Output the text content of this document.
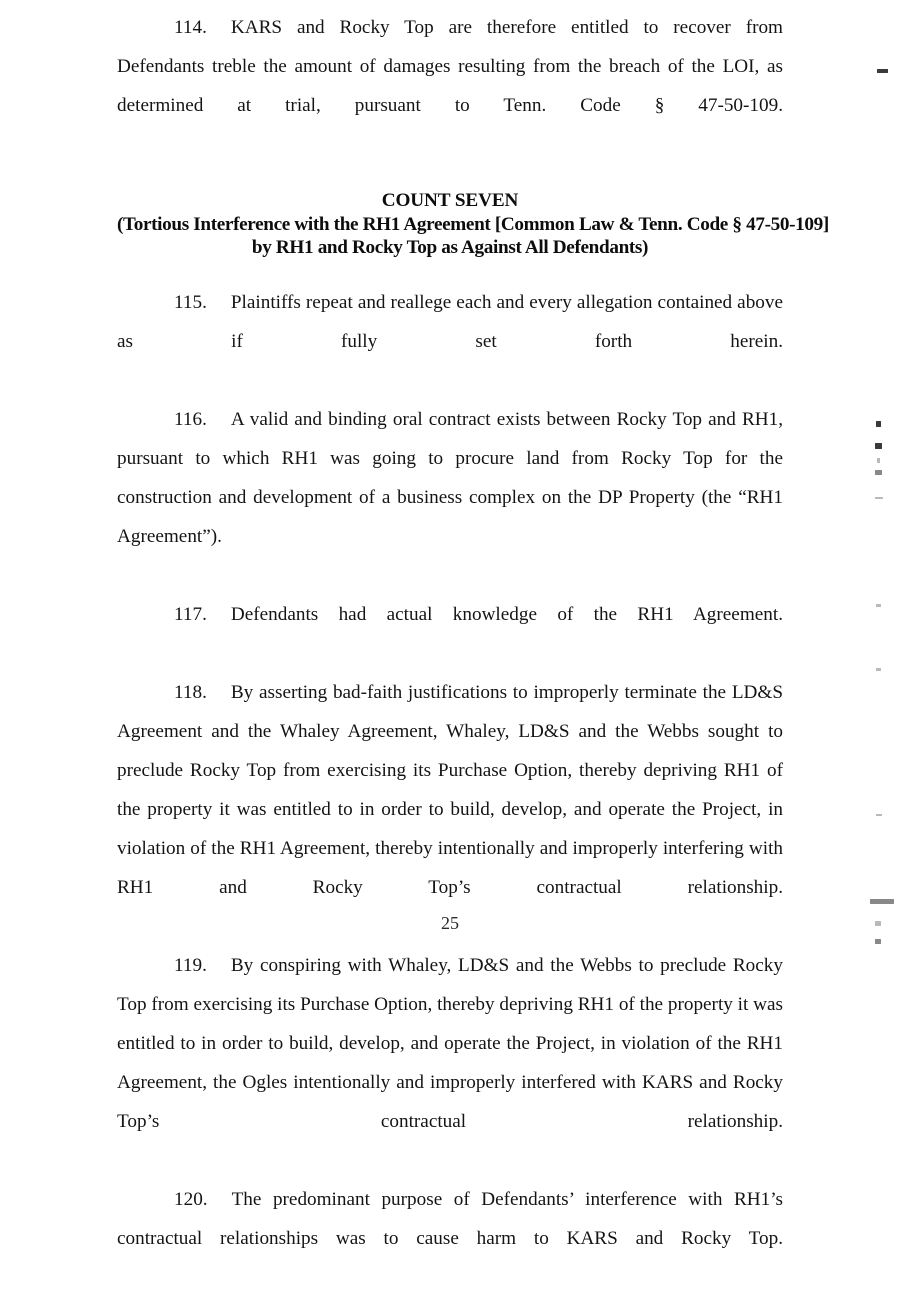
114. KARS and Rocky Top are therefore entitled to recover from Defendants treble the amount of damages resulting from the breach of the LOI, as determined at trial, pursuant to Tenn. Code § 47-50-109.

COUNT SEVEN
(Tortious Interference with the RH1 Agreement [Common Law & Tenn. Code § 47-50-109]
by RH1 and Rocky Top as Against All Defendants)

115. Plaintiffs repeat and reallege each and every allegation contained above as if fully set forth herein.

116. A valid and binding oral contract exists between Rocky Top and RH1, pursuant to which RH1 was going to procure land from Rocky Top for the construction and development of a business complex on the DP Property (the “RH1 Agreement”).

117. Defendants had actual knowledge of the RH1 Agreement.

118. By asserting bad-faith justifications to improperly terminate the LD&S Agreement and the Whaley Agreement, Whaley, LD&S and the Webbs sought to preclude Rocky Top from exercising its Purchase Option, thereby depriving RH1 of the property it was entitled to in order to build, develop, and operate the Project, in violation of the RH1 Agreement, thereby intentionally and improperly interfering with RH1 and Rocky Top’s contractual relationship.

119. By conspiring with Whaley, LD&S and the Webbs to preclude Rocky Top from exercising its Purchase Option, thereby depriving RH1 of the property it was entitled to in order to build, develop, and operate the Project, in violation of the RH1 Agreement, the Ogles intentionally and improperly interfered with KARS and Rocky Top’s contractual relationship.

120. The predominant purpose of Defendants’ interference with RH1’s contractual relationships was to cause harm to KARS and Rocky Top.

25
